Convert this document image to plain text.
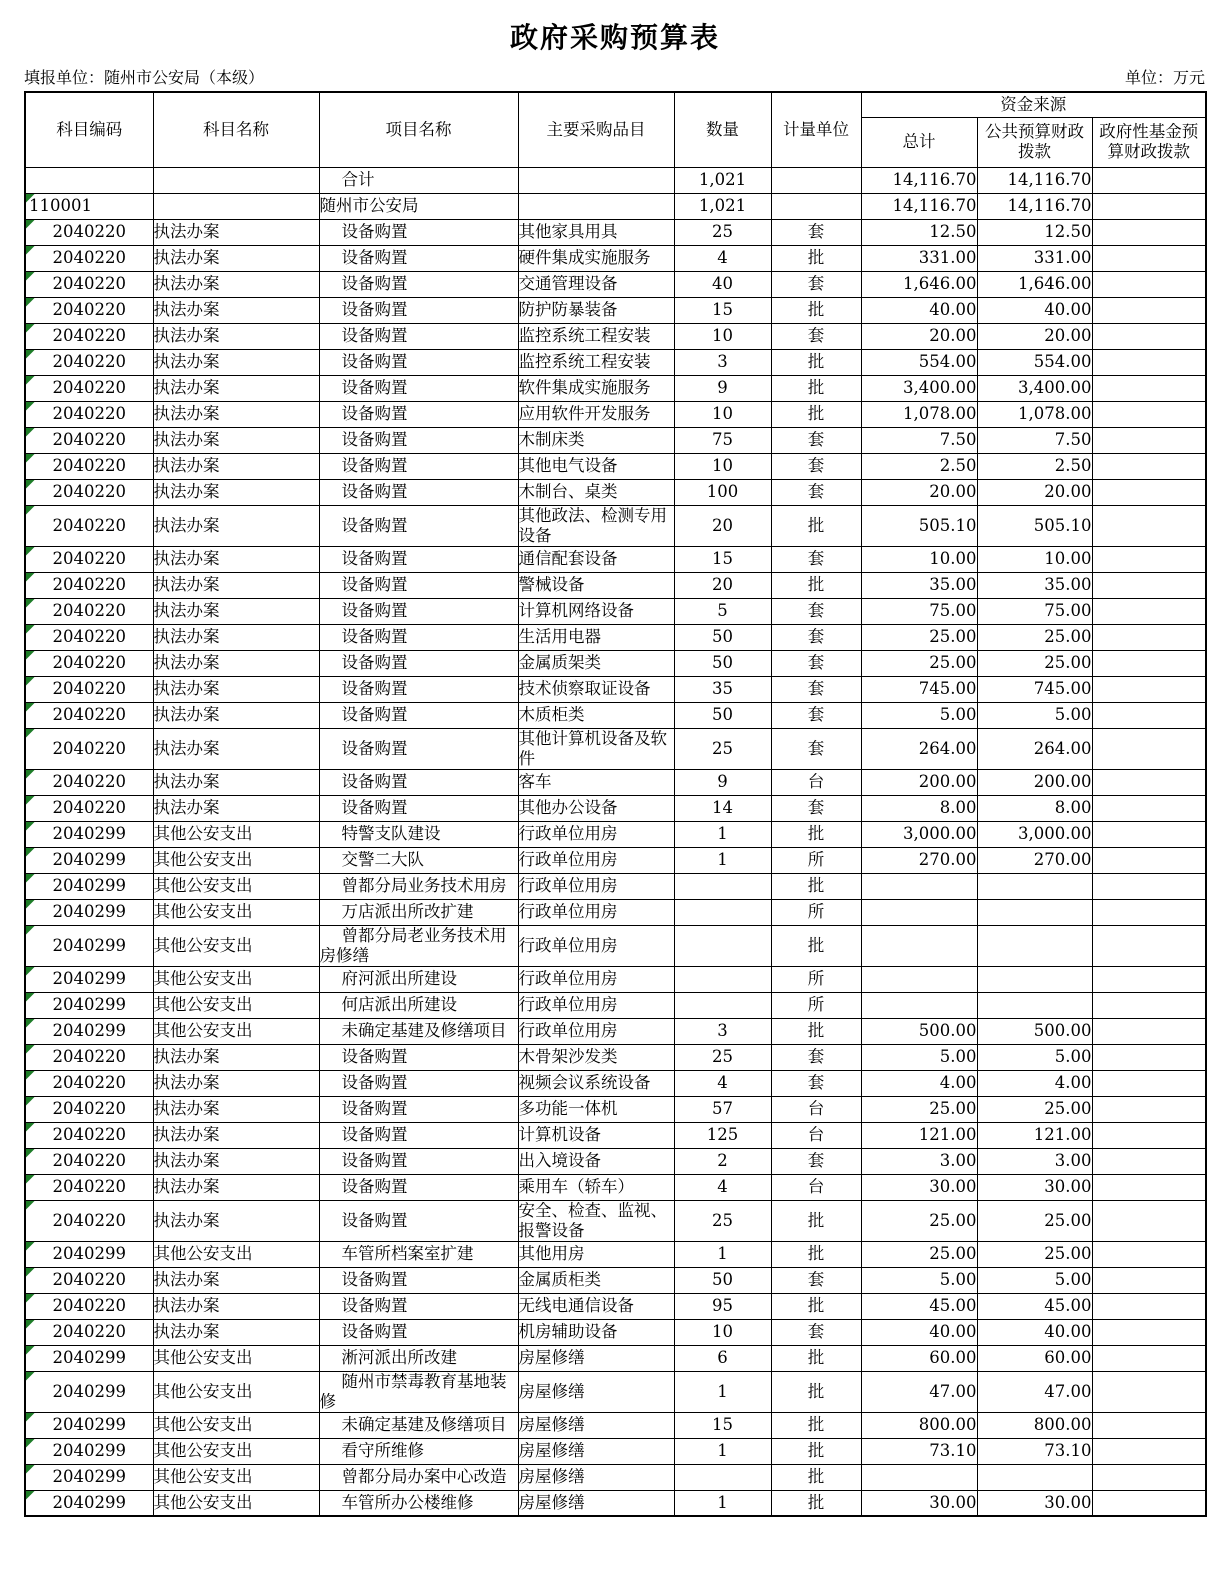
政府采购预算表
填报单位：随州市公安局（本级）	单位：万元
科目编码	科目名称	项目名称	主要采购品目	数量	计量单位	资金来源		
						总计	公共预算财政拨款	政府性基金预算财政拨款
		合计		1,021		14,116.70	14,116.70	

110001		随州市公安局		1,021		14,116.70	14,116.70	

2040220	执法办案	设备购置	其他家具用具	25	套	12.50	12.50	

2040220	执法办案	设备购置	硬件集成实施服务	4	批	331.00	331.00	

2040220	执法办案	设备购置	交通管理设备	40	套	1,646.00	1,646.00	

2040220	执法办案	设备购置	防护防暴装备	15	批	40.00	40.00	

2040220	执法办案	设备购置	监控系统工程安装	10	套	20.00	20.00	

2040220	执法办案	设备购置	监控系统工程安装	3	批	554.00	554.00	

2040220	执法办案	设备购置	软件集成实施服务	9	批	3,400.00	3,400.00	

2040220	执法办案	设备购置	应用软件开发服务	10	批	1,078.00	1,078.00	

2040220	执法办案	设备购置	木制床类	75	套	7.50	7.50	

2040220	执法办案	设备购置	其他电气设备	10	套	2.50	2.50	

2040220	执法办案	设备购置	木制台、桌类	100	套	20.00	20.00	

2040220	执法办案	设备购置	其他政法、检测专用设备	20	批	505.10	505.10	

2040220	执法办案	设备购置	通信配套设备	15	套	10.00	10.00	

2040220	执法办案	设备购置	警械设备	20	批	35.00	35.00	

2040220	执法办案	设备购置	计算机网络设备	5	套	75.00	75.00	

2040220	执法办案	设备购置	生活用电器	50	套	25.00	25.00	

2040220	执法办案	设备购置	金属质架类	50	套	25.00	25.00	

2040220	执法办案	设备购置	技术侦察取证设备	35	套	745.00	745.00	

2040220	执法办案	设备购置	木质柜类	50	套	5.00	5.00	

2040220	执法办案	设备购置	其他计算机设备及软件	25	套	264.00	264.00	

2040220	执法办案	设备购置	客车	9	台	200.00	200.00	

2040220	执法办案	设备购置	其他办公设备	14	套	8.00	8.00	

2040299	其他公安支出	特警支队建设	行政单位用房	1	批	3,000.00	3,000.00	

2040299	其他公安支出	交警二大队	行政单位用房	1	所	270.00	270.00	

2040299	其他公安支出	曾都分局业务技术用房	行政单位用房		批			

2040299	其他公安支出	万店派出所改扩建	行政单位用房		所			

2040299	其他公安支出	曾都分局老业务技术用房修缮	行政单位用房		批			

2040299	其他公安支出	府河派出所建设	行政单位用房		所			

2040299	其他公安支出	何店派出所建设	行政单位用房		所			

2040299	其他公安支出	未确定基建及修缮项目	行政单位用房	3	批	500.00	500.00	

2040220	执法办案	设备购置	木骨架沙发类	25	套	5.00	5.00	

2040220	执法办案	设备购置	视频会议系统设备	4	套	4.00	4.00	

2040220	执法办案	设备购置	多功能一体机	57	台	25.00	25.00	

2040220	执法办案	设备购置	计算机设备	125	台	121.00	121.00	

2040220	执法办案	设备购置	出入境设备	2	套	3.00	3.00	

2040220	执法办案	设备购置	乘用车（轿车）	4	台	30.00	30.00	

2040220	执法办案	设备购置	安全、检查、监视、报警设备	25	批	25.00	25.00	

2040299	其他公安支出	车管所档案室扩建	其他用房	1	批	25.00	25.00	

2040220	执法办案	设备购置	金属质柜类	50	套	5.00	5.00	

2040220	执法办案	设备购置	无线电通信设备	95	批	45.00	45.00	

2040220	执法办案	设备购置	机房辅助设备	10	套	40.00	40.00	

2040299	其他公安支出	淅河派出所改建	房屋修缮	6	批	60.00	60.00	

2040299	其他公安支出	随州市禁毒教育基地装修	房屋修缮	1	批	47.00	47.00	

2040299	其他公安支出	未确定基建及修缮项目	房屋修缮	15	批	800.00	800.00	

2040299	其他公安支出	看守所维修	房屋修缮	1	批	73.10	73.10	

2040299	其他公安支出	曾都分局办案中心改造	房屋修缮		批			

2040299	其他公安支出	车管所办公楼维修	房屋修缮	1	批	30.00	30.00	
